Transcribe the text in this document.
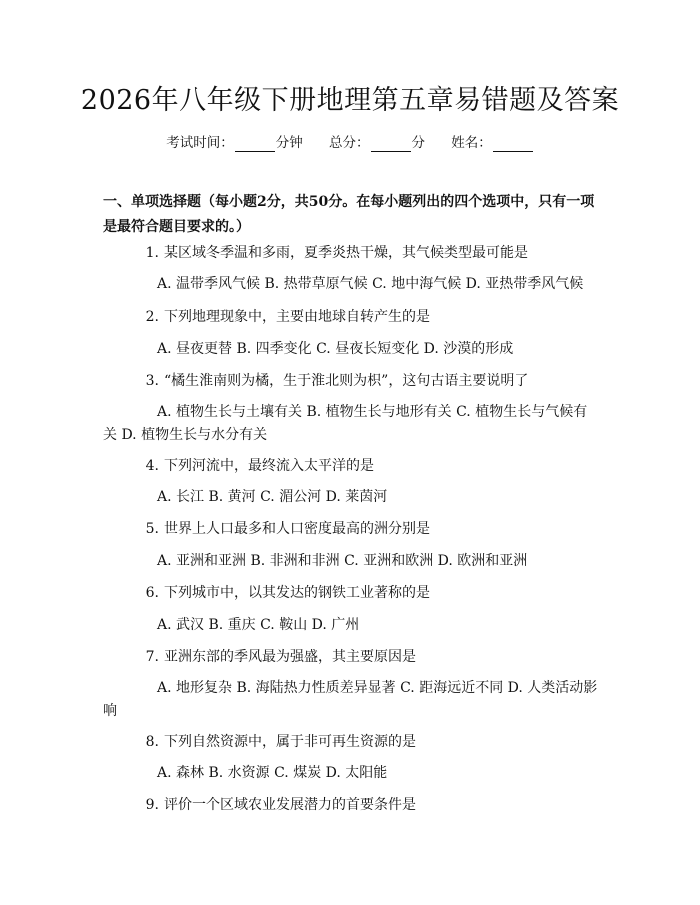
2026年八年级下册地理第五章易错题及答案
考试时间：	分钟 总分：	分 姓名：
一、单项选择题（每小题2分，共50分。在每小题列出的四个选项中，只有一项是最符合题目要求的。）
1. 某区域冬季温和多雨，夏季炎热干燥，其气候类型最可能是
A. 温带季风气候 B. 热带草原气候 C. 地中海气候 D. 亚热带季风气候
2. 下列地理现象中，主要由地球自转产生的是
A. 昼夜更替 B. 四季变化 C. 昼夜长短变化 D. 沙漠的形成
3. “橘生淮南则为橘，生于淮北则为枳”，这句古语主要说明了
A. 植物生长与土壤有关 B. 植物生长与地形有关 C. 植物生长与气候有关 D. 植物生长与水分有关
4. 下列河流中，最终流入太平洋的是
A. 长江 B. 黄河 C. 湄公河 D. 莱茵河
5. 世界上人口最多和人口密度最高的洲分别是
A. 亚洲和亚洲 B. 非洲和非洲 C. 亚洲和欧洲 D. 欧洲和亚洲
6. 下列城市中，以其发达的钢铁工业著称的是
A. 武汉 B. 重庆 C. 鞍山 D. 广州
7. 亚洲东部的季风最为强盛，其主要原因是
A. 地形复杂 B. 海陆热力性质差异显著 C. 距海远近不同 D. 人类活动影响
8. 下列自然资源中，属于非可再生资源的是
A. 森林 B. 水资源 C. 煤炭 D. 太阳能
9. 评价一个区域农业发展潜力的首要条件是
